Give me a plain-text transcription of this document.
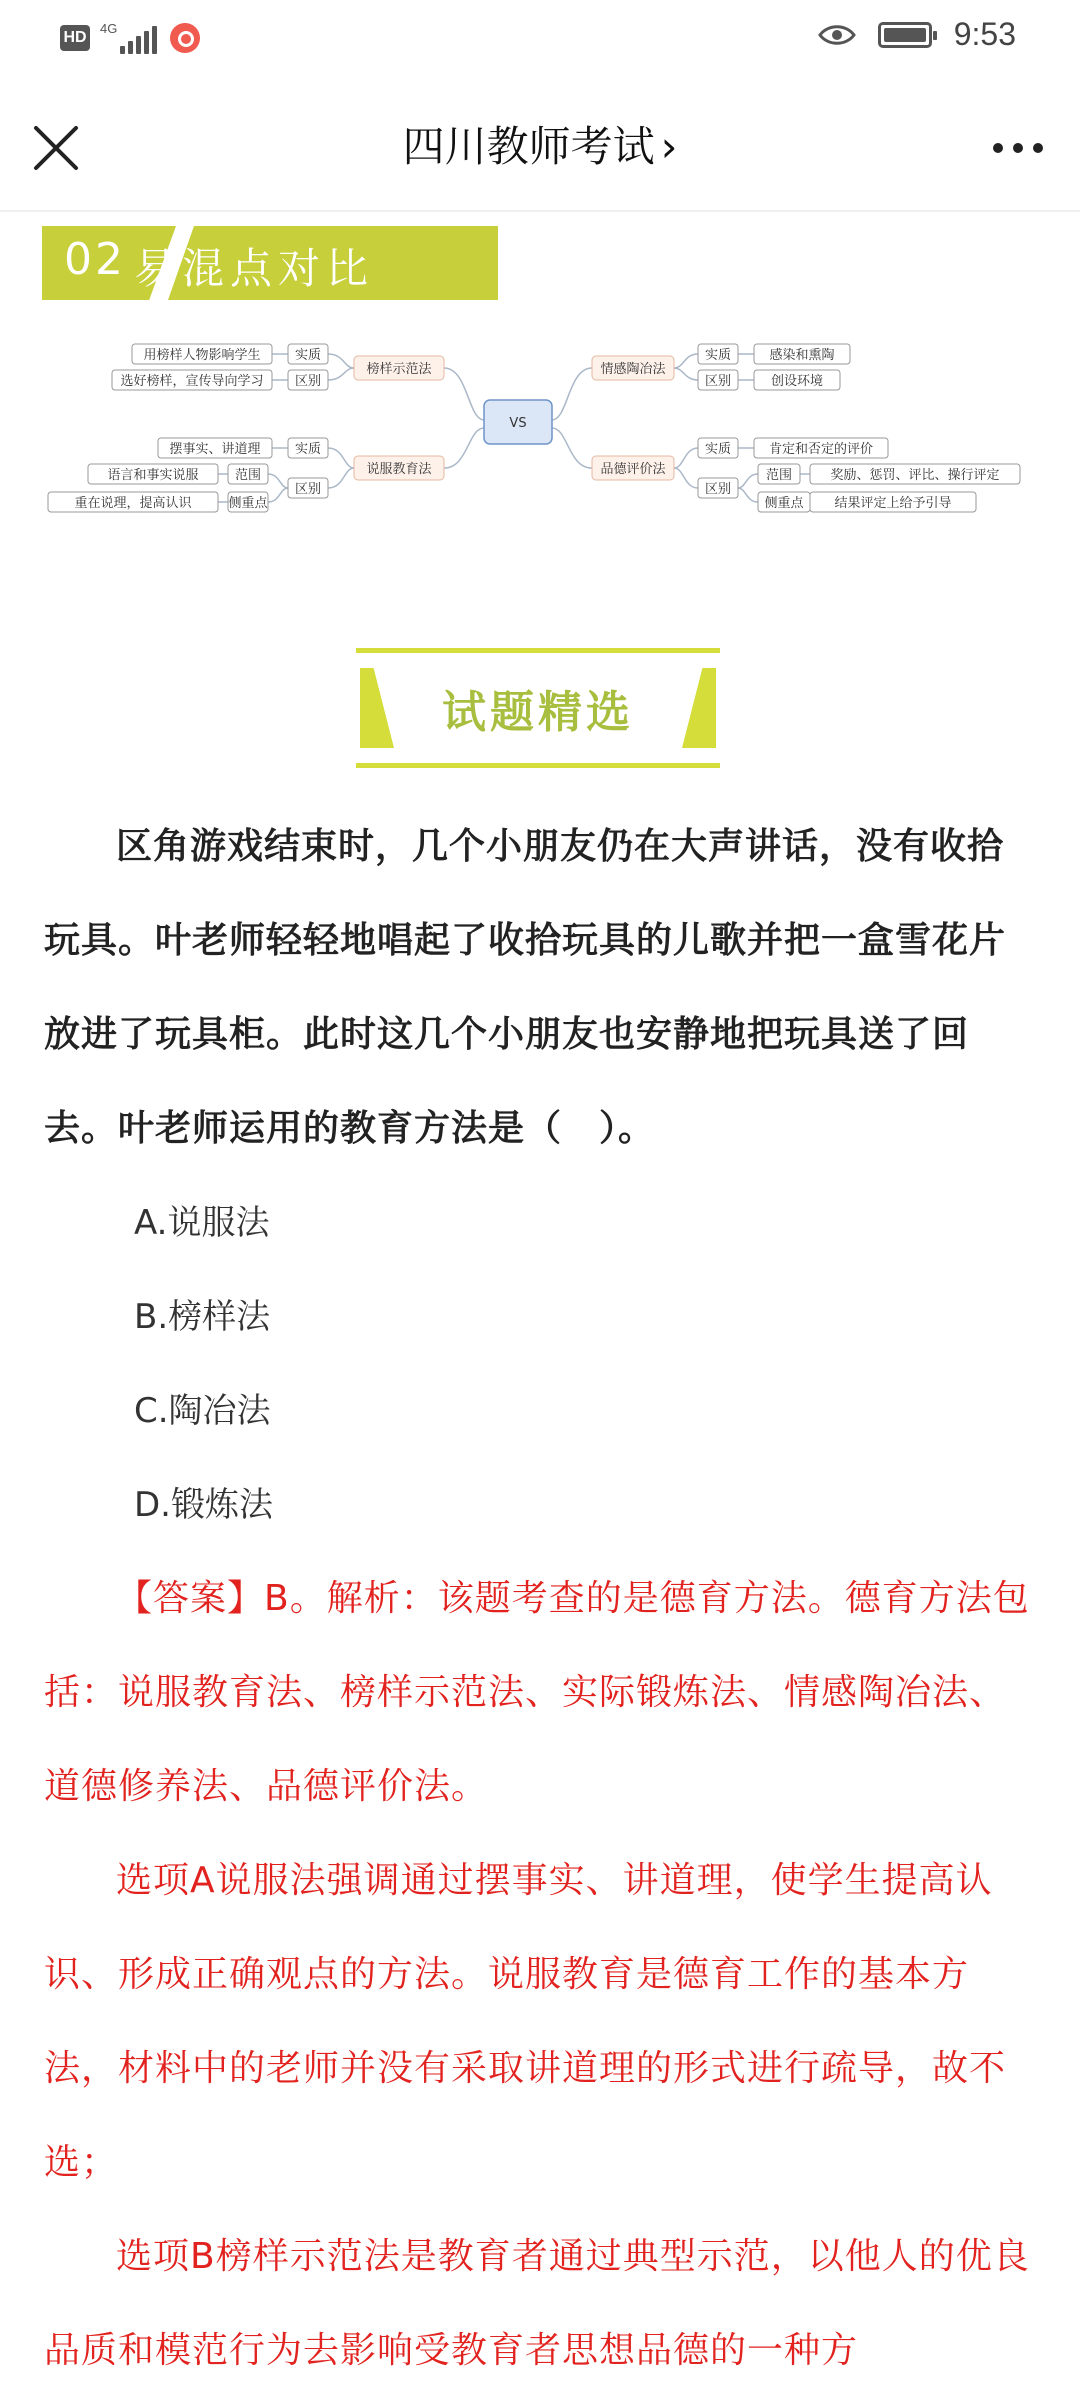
HD
4G	9:53
四川教师考试 ›
02 易混点对比
VS
榜样示范法
实质
区别
用榜样人物影响学生
选好榜样，宣传导向学习
说服教育法
实质
区别
摆事实、讲道理
范围
侧重点
语言和事实说服
重在说理，提高认识
情感陶冶法
实质
区别
感染和熏陶
创设环境
品德评价法
实质
区别
肯定和否定的评价
范围
侧重点
奖励、惩罚、评比、操行评定
结果评定上给予引导
试题精选

区角游戏结束时，几个小朋友仍在大声讲话，没有收拾玩具。叶老师轻轻地唱起了收拾玩具的儿歌并把一盒雪花片放进了玩具柜。此时这几个小朋友也安静地把玩具送了回去。叶老师运用的教育方法是（　）。

A.说服法

B.榜样法

C.陶冶法

D.锻炼法

【答案】B。解析：该题考查的是德育方法。德育方法包括：说服教育法、榜样示范法、实际锻炼法、情感陶冶法、道德修养法、品德评价法。

选项A说服法强调通过摆事实、讲道理，使学生提高认识、形成正确观点的方法。说服教育是德育工作的基本方法，材料中的老师并没有采取讲道理的形式进行疏导，故不选；

选项B榜样示范法是教育者通过典型示范，以他人的优良品质和模范行为去影响受教育者思想品德的一种方
